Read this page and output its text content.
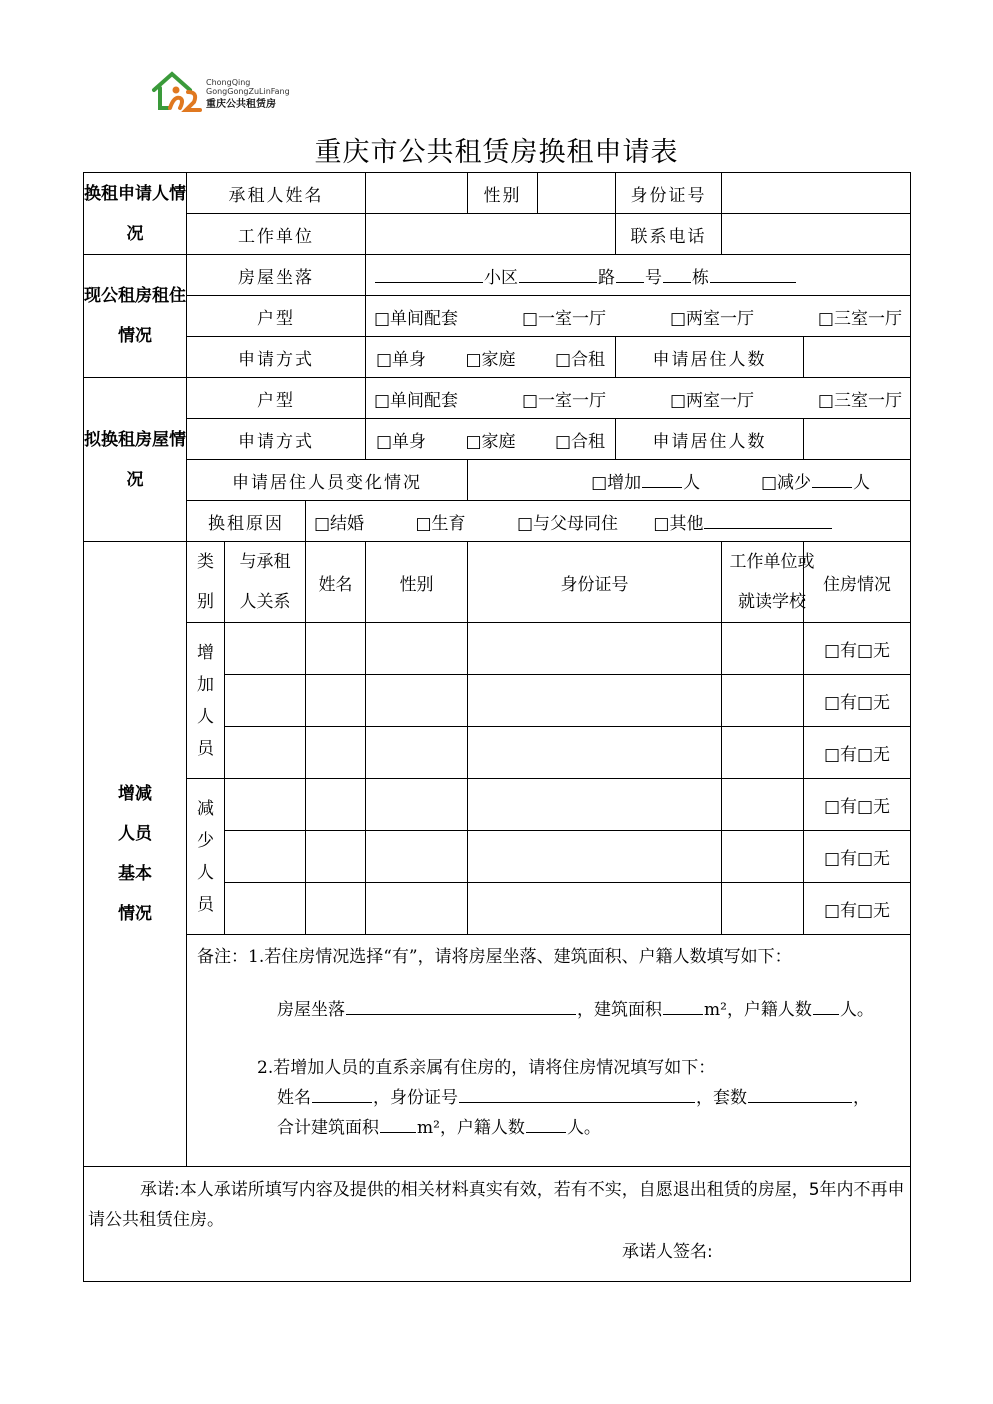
ChongQing
GongGongZuLinFang
重庆公共租赁房
重庆市公共租赁房换租申请表
换租申请人情况	承租人姓名				性别		身份证号		
	工作单位						联系电话		
现公租房租住情况	房屋坐落			小区 路 号 栋					
	户型			□单间配套 □一室一厅 □两室一厅 □三室一厅					

	申请方式			□单身 □家庭 □合租			申请居住人数		
拟换租房屋情况	户型			□单间配套 □一室一厅 □两室一厅 □三室一厅					

	申请方式			□单身 □家庭 □合租			申请居住人数		
	申请居住人员变化情况				□增加 人 □减少 人				
	换租原因		□结婚 □生育 □与父母同住 □其他						

增减人员基本情况	类别	与承租人关系	姓名	性别	身份证号			工作单位或就读学校	住房情况

	增加人员								□有□无
									□有□无
									□有□无

	减少人员								□有□无
									□有□无
									□有□无

	备注：1.若住房情况选择“有”，请将房屋坐落、建筑面积、户籍人数填写如下：

房屋坐落 ，建筑面积 m²，户籍人数 人。

2.若增加人员的直系亲属有住房的，请将住房情况填写如下：

姓名 ，身份证号 ，套数 ，

合计建筑面积 m²，户籍人数 人。								

承诺:本人承诺所填写内容及提供的相关材料真实有效，若有不实，自愿退出租赁的房屋，5年内不再申请公共租赁住房。
承诺人签名:									
